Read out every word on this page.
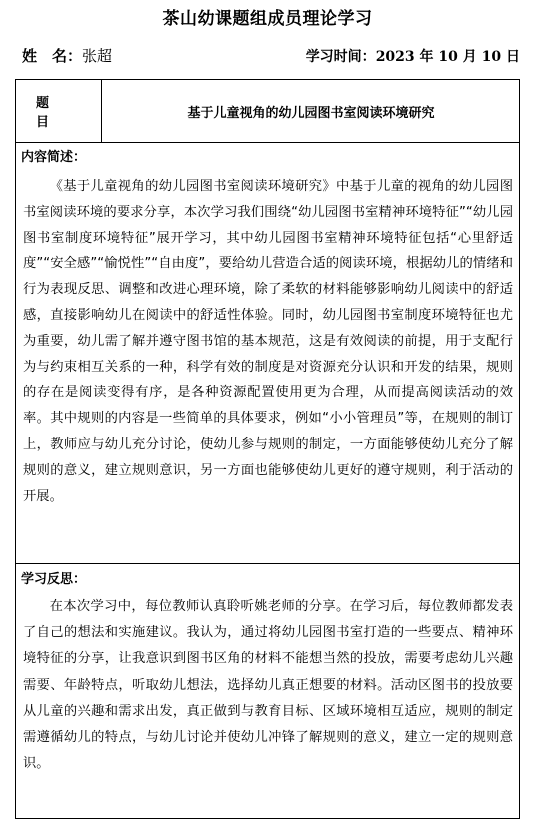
茶山幼课题组成员理论学习
姓　名：张超	学习时间：2023 年 10 月 10 日
题目
基于儿童视角的幼儿园图书室阅读环境研究
内容简述：

《基于儿童视角的幼儿园图书室阅读环境研究》中基于儿童的视角的幼儿园图书室阅读环境的要求分享，本次学习我们围绕“幼儿园图书室精神环境特征”“幼儿园图书室制度环境特征”展开学习，其中幼儿园图书室精神环境特征包括“心里舒适度”“安全感”“愉悦性”“自由度”，要给幼儿营造合适的阅读环境，根据幼儿的情绪和行为表现反思、调整和改进心理环境，除了柔软的材料能够影响幼儿阅读中的舒适感，直接影响幼儿在阅读中的舒适性体验。同时，幼儿园图书室制度环境特征也尤为重要，幼儿需了解并遵守图书馆的基本规范，这是有效阅读的前提，用于支配行为与约束相互关系的一种，科学有效的制度是对资源充分认识和开发的结果，规则的存在是阅读变得有序，是各种资源配置使用更为合理，从而提高阅读活动的效率。其中规则的内容是一些简单的具体要求，例如“小小管理员”等，在规则的制订上，教师应与幼儿充分讨论，使幼儿参与规则的制定，一方面能够使幼儿充分了解规则的意义，建立规则意识，另一方面也能够使幼儿更好的遵守规则，利于活动的开展。

学习反思：

在本次学习中，每位教师认真聆听姚老师的分享。在学习后，每位教师都发表了自己的想法和实施建议。我认为，通过将幼儿园图书室打造的一些要点、精神环境特征的分享，让我意识到图书区角的材料不能想当然的投放，需要考虑幼儿兴趣需要、年龄特点，听取幼儿想法，选择幼儿真正想要的材料。活动区图书的投放要从儿童的兴趣和需求出发，真正做到与教育目标、区域环境相互适应，规则的制定需遵循幼儿的特点，与幼儿讨论并使幼儿冲锋了解规则的意义，建立一定的规则意识。
